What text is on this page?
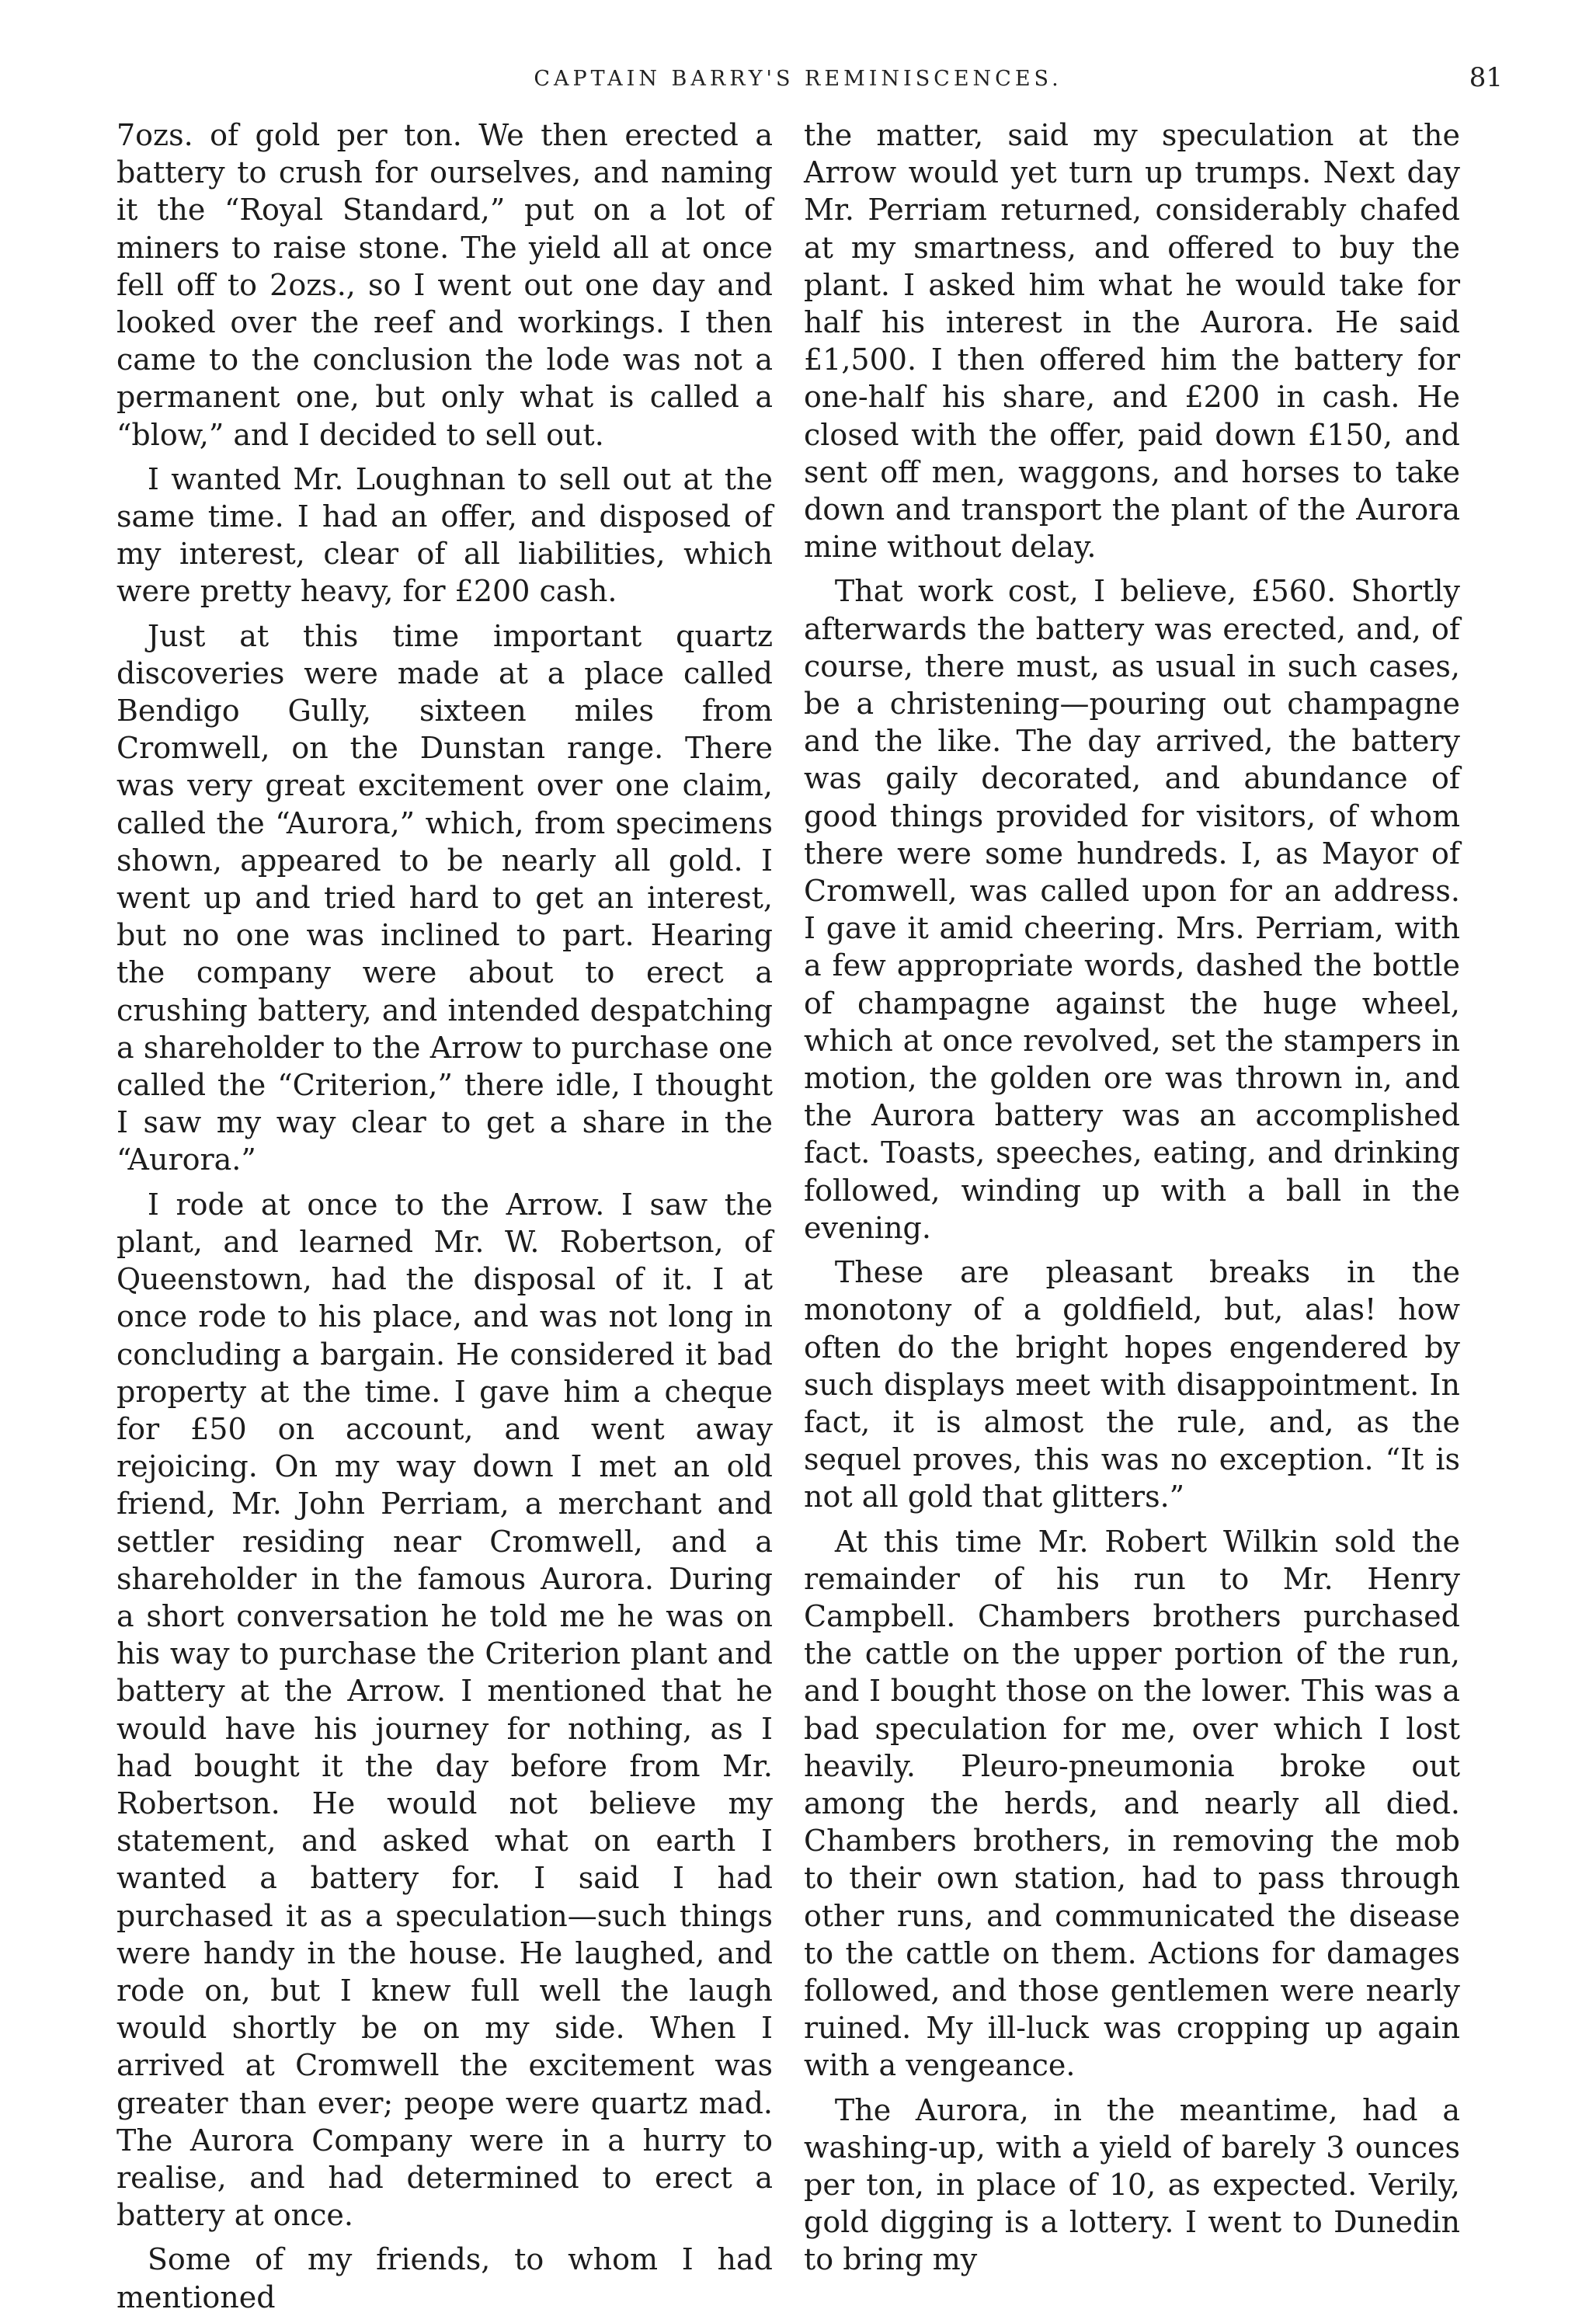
CAPTAIN BARRY'S REMINISCENCES.	81

7ozs. of gold per ton. We then erected a battery to crush for ourselves, and naming it the “Royal Standard,” put on a lot of miners to raise stone. The yield all at once fell off to 2ozs., so I went out one day and looked over the reef and workings. I then came to the conclusion the lode was not a permanent one, but only what is called a “blow,” and I decided to sell out.

I wanted Mr. Loughnan to sell out at the same time. I had an offer, and disposed of my interest, clear of all liabilities, which were pretty heavy, for £200 cash.

Just at this time important quartz discoveries were made at a place called Bendigo Gully, sixteen miles from Cromwell, on the Dunstan range. There was very great excitement over one claim, called the “Aurora,” which, from specimens shown, appeared to be nearly all gold. I went up and tried hard to get an interest, but no one was inclined to part. Hearing the company were about to erect a crushing battery, and intended despatching a shareholder to the Arrow to purchase one called the “Criterion,” there idle, I thought I saw my way clear to get a share in the “Aurora.”

I rode at once to the Arrow. I saw the plant, and learned Mr. W. Robertson, of Queenstown, had the disposal of it. I at once rode to his place, and was not long in concluding a bargain. He considered it bad property at the time. I gave him a cheque for £50 on account, and went away rejoicing. On my way down I met an old friend, Mr. John Perriam, a merchant and settler residing near Cromwell, and a shareholder in the famous Aurora. During a short conversation he told me he was on his way to purchase the Criterion plant and battery at the Arrow. I mentioned that he would have his journey for nothing, as I had bought it the day before from Mr. Robertson. He would not believe my statement, and asked what on earth I wanted a battery for. I said I had purchased it as a speculation—such things were handy in the house. He laughed, and rode on, but I knew full well the laugh would shortly be on my side. When I arrived at Cromwell the excitement was greater than ever; peope were quartz mad. The Aurora Company were in a hurry to realise, and had determined to erect a battery at once.

Some of my friends, to whom I had mentioned

the matter, said my speculation at the Arrow would yet turn up trumps. Next day Mr. Perriam returned, considerably chafed at my smartness, and offered to buy the plant. I asked him what he would take for half his interest in the Aurora. He said £1,500. I then offered him the battery for one-half his share, and £200 in cash. He closed with the offer, paid down £150, and sent off men, waggons, and horses to take down and transport the plant of the Aurora mine without delay.

That work cost, I believe, £560. Shortly afterwards the battery was erected, and, of course, there must, as usual in such cases, be a christening—pouring out champagne and the like. The day arrived, the battery was gaily decorated, and abundance of good things provided for visitors, of whom there were some hundreds. I, as Mayor of Cromwell, was called upon for an address. I gave it amid cheering. Mrs. Perriam, with a few appropriate words, dashed the bottle of champagne against the huge wheel, which at once revolved, set the stampers in motion, the golden ore was thrown in, and the Aurora battery was an accomplished fact. Toasts, speeches, eating, and drinking followed, winding up with a ball in the evening.

These are pleasant breaks in the monotony of a goldfield, but, alas! how often do the bright hopes engendered by such displays meet with disappointment. In fact, it is almost the rule, and, as the sequel proves, this was no exception. “It is not all gold that glitters.”

At this time Mr. Robert Wilkin sold the remainder of his run to Mr. Henry Campbell. Chambers brothers purchased the cattle on the upper portion of the run, and I bought those on the lower. This was a bad speculation for me, over which I lost heavily. Pleuro-pneumonia broke out among the herds, and nearly all died. Chambers brothers, in removing the mob to their own station, had to pass through other runs, and communicated the disease to the cattle on them. Actions for damages followed, and those gentlemen were nearly ruined. My ill-luck was cropping up again with a vengeance.

The Aurora, in the meantime, had a washing-up, with a yield of barely 3 ounces per ton, in place of 10, as expected. Verily, gold digging is a lottery. I went to Dunedin to bring my
